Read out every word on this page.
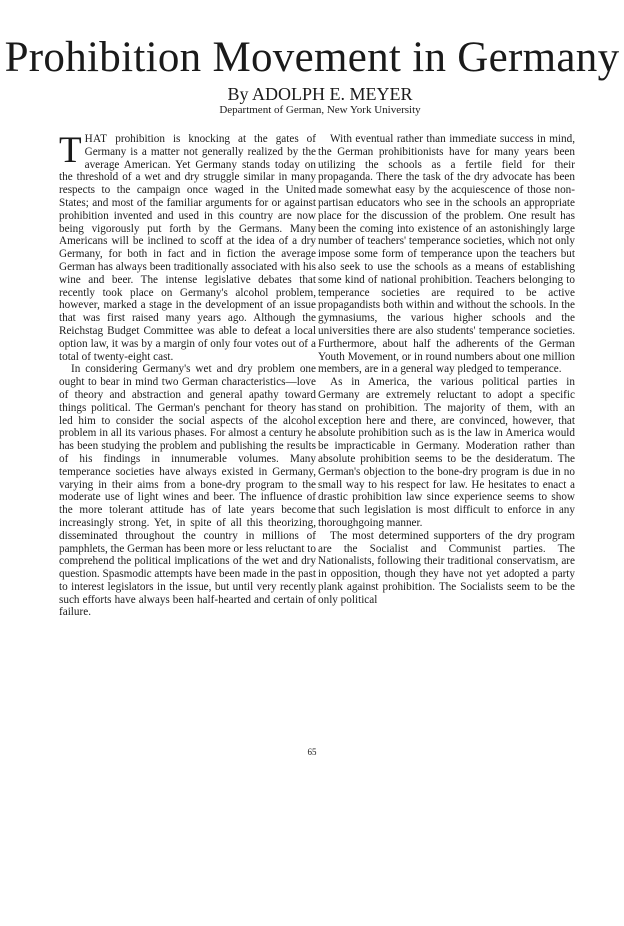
Prohibition Movement in Germany
By ADOLPH E. MEYER
Department of German, New York University

THAT prohibition is knocking at the gates of Germany is a matter not generally realized by the average American. Yet Germany stands today on the threshold of a wet and dry struggle similar in many respects to the campaign once waged in the United States; and most of the familiar arguments for or against prohibition invented and used in this country are now being vigorously put forth by the Germans. Many Americans will be inclined to scoff at the idea of a dry Germany, for both in fact and in fiction the average German has always been traditionally associated with his wine and beer. The intense legislative debates that recently took place on Germany's alcohol problem, however, marked a stage in the development of an issue that was first raised many years ago. Although the Reichstag Budget Committee was able to defeat a local option law, it was by a margin of only four votes out of a total of twenty-eight cast.

In considering Germany's wet and dry problem one ought to bear in mind two German characteristics—love of theory and abstraction and general apathy toward things political. The German's penchant for theory has led him to consider the social aspects of the alcohol problem in all its various phases. For almost a century he has been studying the problem and publishing the results of his findings in innumerable volumes. Many temperance societies have always existed in Germany, varying in their aims from a bone-dry program to the moderate use of light wines and beer. The influence of the more tolerant attitude has of late years become increasingly strong. Yet, in spite of all this theorizing, disseminated throughout the country in millions of pamphlets, the German has been more or less reluctant to comprehend the political implications of the wet and dry question. Spasmodic attempts have been made in the past to interest legislators in the issue, but until very recently such efforts have always been half-hearted and certain of failure.

With eventual rather than immediate success in mind, the German prohibitionists have for many years been utilizing the schools as a fertile field for their propaganda. There the task of the dry advocate has been made somewhat easy by the acquiescence of those non-partisan educators who see in the schools an appropriate place for the discussion of the problem. One result has been the coming into existence of an astonishingly large number of teachers' temperance societies, which not only impose some form of temperance upon the teachers but also seek to use the schools as a means of establishing some kind of national prohibition. Teachers belonging to temperance societies are required to be active propagandists both within and without the schools. In the gymnasiums, the various higher schools and the universities there are also students' temperance societies. Furthermore, about half the adherents of the German Youth Movement, or in round numbers about one million members, are in a general way pledged to temperance.

As in America, the various political parties in Germany are extremely reluctant to adopt a specific stand on prohibition. The majority of them, with an exception here and there, are convinced, however, that absolute prohibition such as is the law in America would be impracticable in Germany. Moderation rather than absolute prohibition seems to be the desideratum. The German's objection to the bone-dry program is due in no small way to his respect for law. He hesitates to enact a drastic prohibition law since experience seems to show that such legislation is most difficult to enforce in any thoroughgoing manner.

The most determined supporters of the dry program are the Socialist and Communist parties. The Nationalists, following their traditional conservatism, are in opposition, though they have not yet adopted a party plank against prohibition. The Socialists seem to be the only political

65
